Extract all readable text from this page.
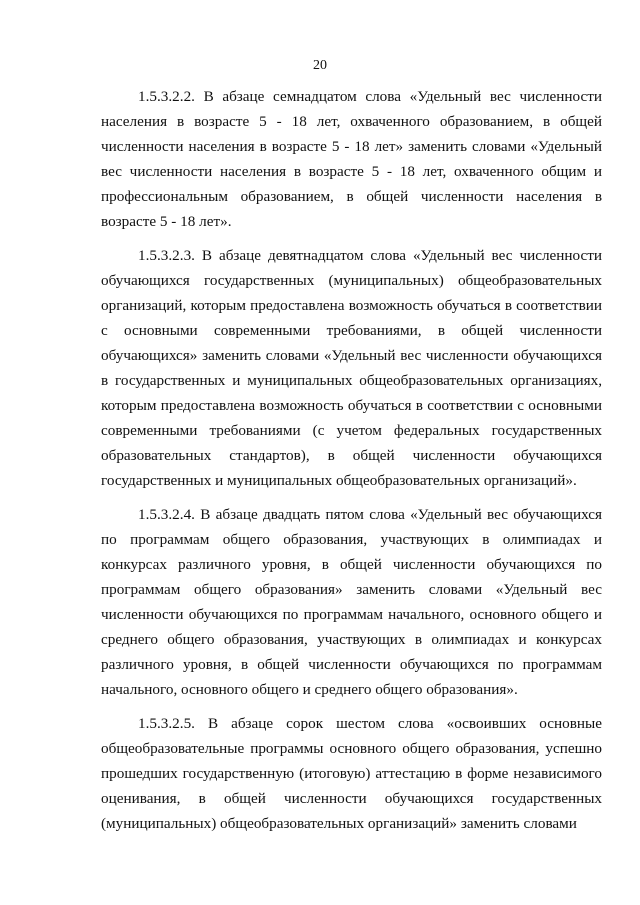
20

1.5.3.2.2. В абзаце семнадцатом слова «Удельный вес численности населения в возрасте 5 - 18 лет, охваченного образованием, в общей численности населения в возрасте 5 - 18 лет» заменить словами «Удельный вес численности населения в возрасте 5 - 18 лет, охваченного общим и профессиональным образованием, в общей численности населения в возрасте 5 - 18 лет».

1.5.3.2.3. В абзаце девятнадцатом слова «Удельный вес численности обучающихся государственных (муниципальных) общеобразовательных организаций, которым предоставлена возможность обучаться в соответствии с основными современными требованиями, в общей численности обучающихся» заменить словами «Удельный вес численности обучающихся в государственных и муниципальных общеобразовательных организациях, которым предоставлена возможность обучаться в соответствии с основными современными требованиями (с учетом федеральных государственных образовательных стандартов), в общей численности обучающихся государственных и муниципальных общеобразовательных организаций».

1.5.3.2.4. В абзаце двадцать пятом слова «Удельный вес обучающихся по программам общего образования, участвующих в олимпиадах и конкурсах различного уровня, в общей численности обучающихся по программам общего образования» заменить словами «Удельный вес численности обучающихся по программам начального, основного общего и среднего общего образования, участвующих в олимпиадах и конкурсах различного уровня, в общей численности обучающихся по программам начального, основного общего и среднего общего образования».

1.5.3.2.5. В абзаце сорок шестом слова «освоивших основные общеобразовательные программы основного общего образования, успешно прошедших государственную (итоговую) аттестацию в форме независимого оценивания, в общей численности обучающихся государственных (муниципальных) общеобразовательных организаций» заменить словами
